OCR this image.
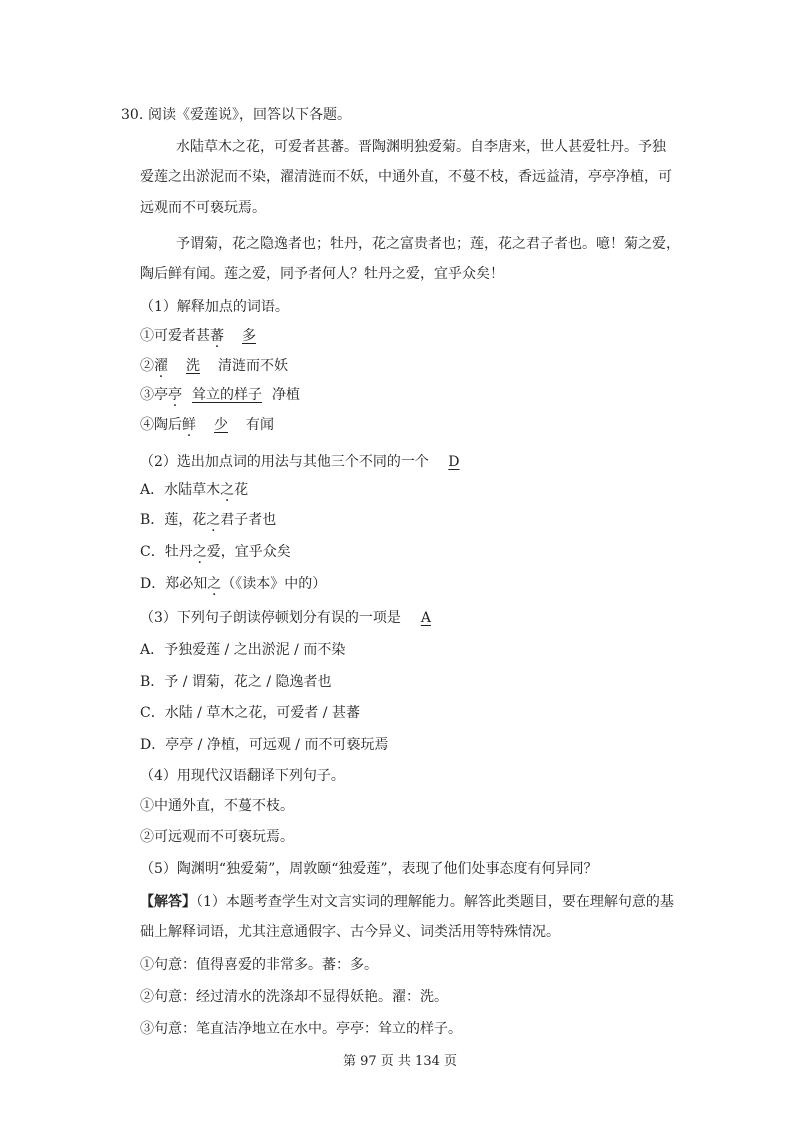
30. 阅读《爱莲说》，回答以下各题。
水陆草木之花，可爱者甚蕃。晋陶渊明独爱菊。自李唐来，世人甚爱牡丹。予独
爱莲之出淤泥而不染，濯清涟而不妖，中通外直，不蔓不枝，香远益清，亭亭净植，可
远观而不可亵玩焉。
予谓菊，花之隐逸者也；牡丹，花之富贵者也；莲，花之君子者也。噫！菊之爱，
陶后鲜有闻。莲之爱，同予者何人？牡丹之爱，宜乎众矣！
（1）解释加点的词语。
①可爱者甚蕃 多
②濯 洗 清涟而不妖
③亭亭 耸立的样子 净植
④陶后鲜 少 有闻
（2）选出加点词的用法与其他三个不同的一个 D
A．水陆草木之花
B．莲，花之君子者也
C．牡丹之爱，宜乎众矣
D．郑必知之（《读本》中的）
（3）下列句子朗读停顿划分有误的一项是 A
A．予独爱莲 / 之出淤泥 / 而不染
B．予 / 谓菊，花之 / 隐逸者也
C．水陆 / 草木之花，可爱者 / 甚蕃
D．亭亭 / 净植，可远观 / 而不可亵玩焉
（4）用现代汉语翻译下列句子。
①中通外直，不蔓不枝。
②可远观而不可亵玩焉。
（5）陶渊明“独爱菊”，周敦颐“独爱莲”，表现了他们处事态度有何异同？
【解答】（1）本题考查学生对文言实词的理解能力。解答此类题目，要在理解句意的基
础上解释词语，尤其注意通假字、古今异义、词类活用等特殊情况。
①句意：值得喜爱的非常多。蕃：多。
②句意：经过清水的洗涤却不显得妖艳。濯：洗。
③句意：笔直洁净地立在水中。亭亭：耸立的样子。
第 97 页 共 134 页
